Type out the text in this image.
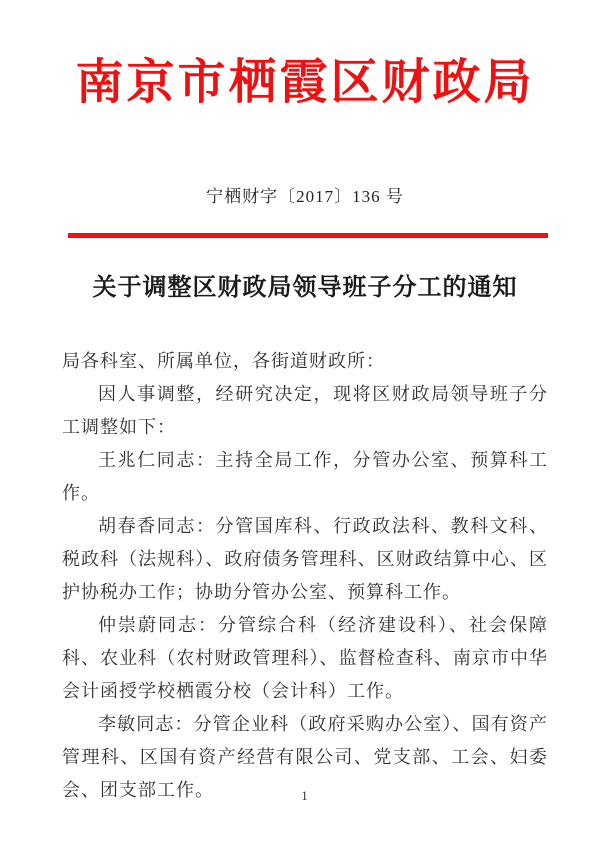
南京市栖霞区财政局
宁栖财字〔2017〕136 号
关于调整区财政局领导班子分工的通知

局各科室、所属单位，各街道财政所：

因人事调整，经研究决定，现将区财政局领导班子分工调整如下：

王兆仁同志：主持全局工作，分管办公室、预算科工作。

胡春香同志：分管国库科、行政政法科、教科文科、税政科（法规科）、政府债务管理科、区财政结算中心、区护协税办工作；协助分管办公室、预算科工作。

仲崇蔚同志：分管综合科（经济建设科）、社会保障科、农业科（农村财政管理科）、监督检查科、南京市中华会计函授学校栖霞分校（会计科）工作。

李敏同志：分管企业科（政府采购办公室）、国有资产管理科、区国有资产经营有限公司、党支部、工会、妇委会、团支部工作。	1
